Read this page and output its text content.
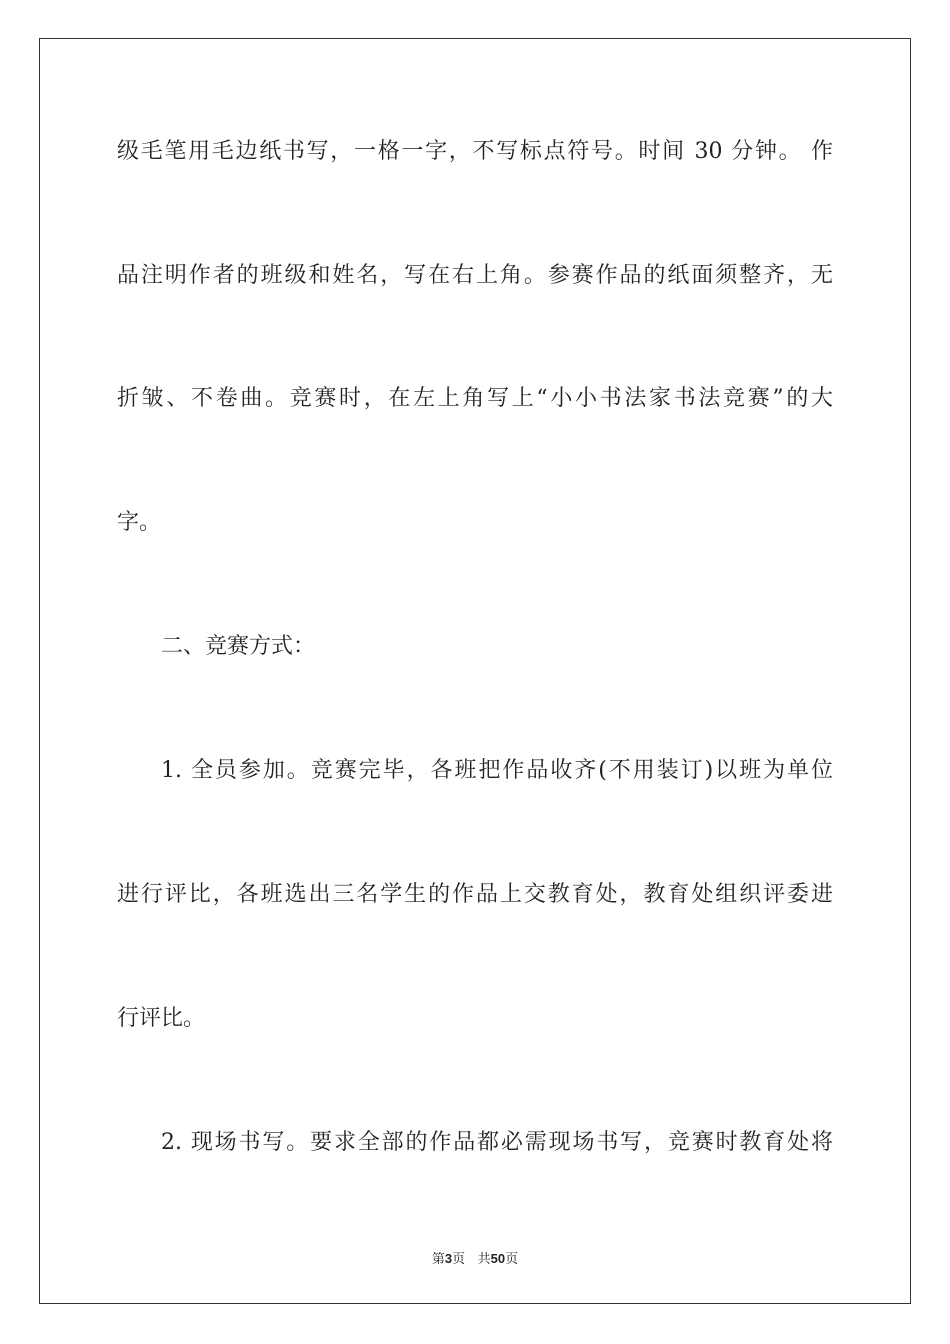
级毛笔用毛边纸书写，一格一字，不写标点符号。时间 30 分钟。 作
品注明作者的班级和姓名，写在右上角。参赛作品的纸面须整齐，无
折皱、不卷曲。竞赛时，在左上角写上“小小书法家书法竞赛”的大
字。
二、竞赛方式：
1. 全员参加。竞赛完毕，各班把作品收齐(不用装订)以班为单位
进行评比，各班选出三名学生的作品上交教育处，教育处组织评委进
行评比。
2. 现场书写。要求全部的作品都必需现场书写，竞赛时教育处将
第3页 共50页
